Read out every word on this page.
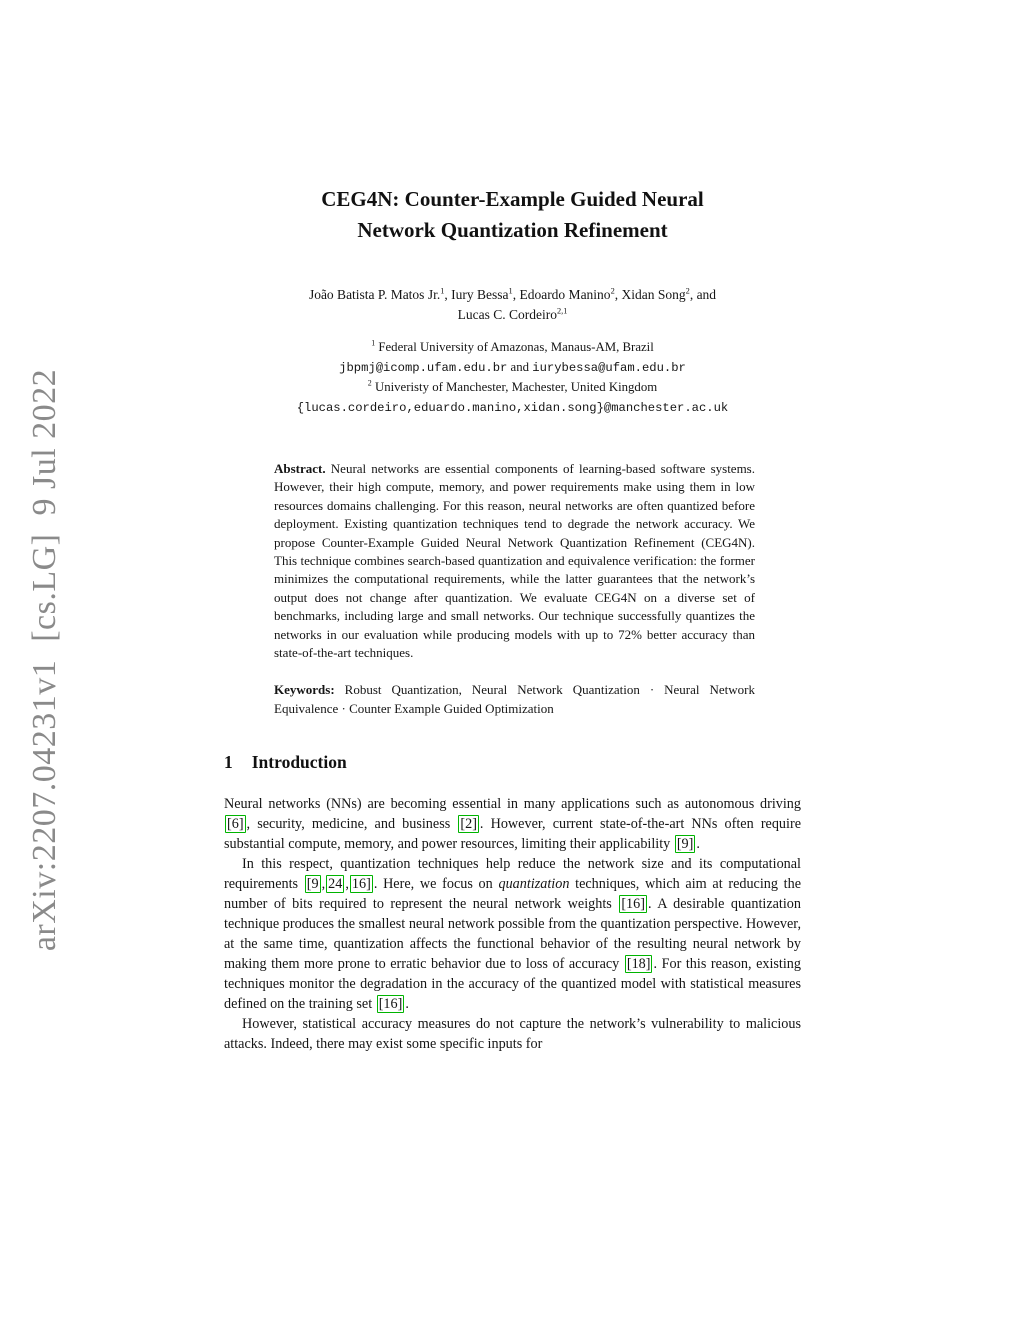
arXiv:2207.04231v1  [cs.LG]  9 Jul 2022
CEG4N: Counter-Example Guided Neural
Network Quantization Refinement
João Batista P. Matos Jr.$^1$, Iury Bessa$^1$, Edoardo Manino$^2$, Xidan Song$^2$, and
Lucas C. Cordeiro$^{2,1}$
$^1$ Federal University of Amazonas, Manaus-AM, Brazil
jbpmj@icomp.ufam.edu.br and iurybessa@ufam.edu.br
$^2$ Univeristy of Manchester, Machester, United Kingdom
{lucas.cordeiro,eduardo.manino,xidan.song}@manchester.ac.uk

Abstract. Neural networks are essential components of learning-based software systems. However, their high compute, memory, and power requirements make using them in low resources domains challenging. For this reason, neural networks are often quantized before deployment. Existing quantization techniques tend to degrade the network accuracy. We propose Counter-Example Guided Neural Network Quantization Refinement (CEG4N). This technique combines search-based quantization and equivalence verification: the former minimizes the computational requirements, while the latter guarantees that the network’s output does not change after quantization. We evaluate CEG4N on a diverse set of benchmarks, including large and small networks. Our technique successfully quantizes the networks in our evaluation while producing models with up to 72% better accuracy than state-of-the-art techniques.

Keywords: Robust Quantization, Neural Network Quantization · Neural Network Equivalence · Counter Example Guided Optimization

1 Introduction

Neural networks (NNs) are becoming essential in many applications such as autonomous driving [6] , security, medicine, and business [2] . However, current state-of-the-art NNs often require substantial compute, memory, and power resources, limiting their applicability [9] .

In this respect, quantization techniques help reduce the network size and its computational requirements [9 , 24 , 16] . Here, we focus on quantization techniques, which aim at reducing the number of bits required to represent the neural network weights [16] . A desirable quantization technique produces the smallest neural network possible from the quantization perspective. However, at the same time, quantization affects the functional behavior of the resulting neural network by making them more prone to erratic behavior due to loss of accuracy [18] . For this reason, existing techniques monitor the degradation in the accuracy of the quantized model with statistical measures defined on the training set [16] .

However, statistical accuracy measures do not capture the network’s vulnerability to malicious attacks. Indeed, there may exist some specific inputs for
